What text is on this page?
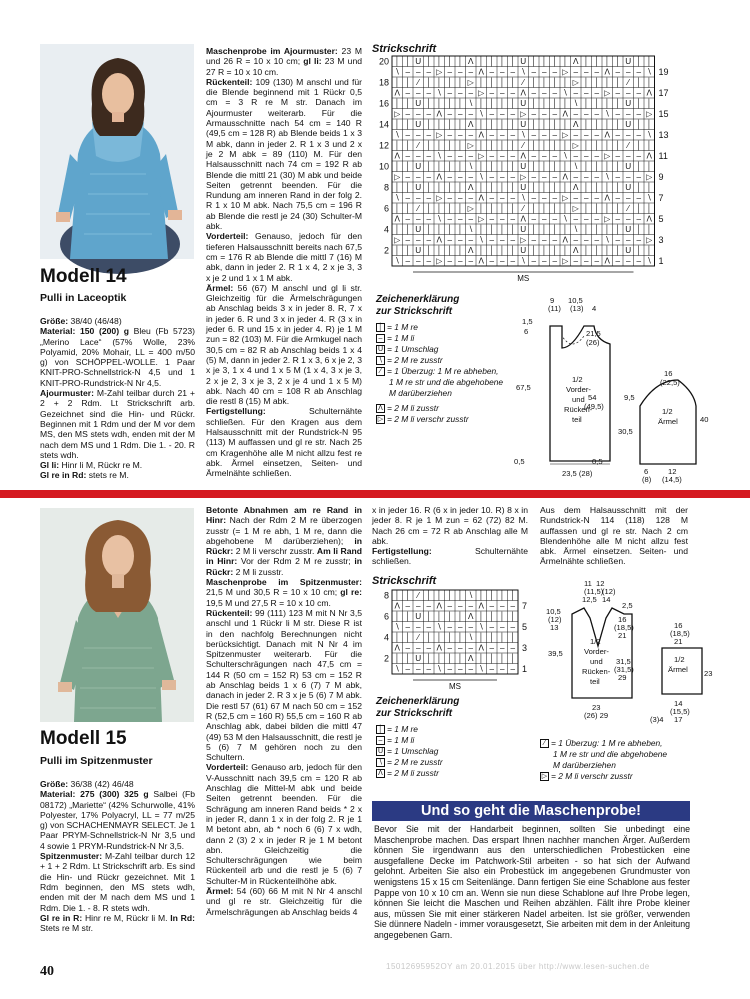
Modell 14
Pulli in Laceoptik
Größe: 38/40 (46/48)
Material: 150 (200) g Bleu (Fb 5723) „Merino Lace“ (57% Wolle, 23% Polyamid, 20% Mohair, LL = 400 m/50 g) von SCHÖPPEL-WOLLE. 1 Paar KNIT-PRO-Schnellstrick-N 4,5 und 1 KNIT-PRO-Rundstrick-N Nr 4,5.
Ajourmuster: M-Zahl teilbar durch 21 + 2 + 2 Rdm. Lt Strickschrift arb. Gezeichnet sind die Hin- und Rückr. Beginnen mit 1 Rdm und der M vor dem MS, den MS stets wdh, enden mit der M nach dem MS und 1 Rdm. Die 1. - 20. R stets wdh.
Gl li: Hinr li M, Rückr re M.
Gl re in Rd: stets re M.
Maschenprobe im Ajourmuster: 23 M und 26 R = 10 x 10 cm; gl li: 23 M und 27 R = 10 x 10 cm.
Rückenteil: 109 (130) M anschl und für die Blende beginnend mit 1 Rückr 0,5 cm = 3 R re M str. Danach im Ajourmuster weiterarb. Für die Armausschnitte nach 54 cm = 140 R (49,5 cm = 128 R) ab Blende beids 1 x 3 M abk, dann in jeder 2. R 1 x 3 und 2 x je 2 M abk = 89 (110) M. Für den Halsausschnitt nach 74 cm = 192 R ab Blende die mittl 21 (30) M abk und beide Seiten getrennt beenden. Für die Rundung am inneren Rand in der folg 2. R 1 x 10 M abk. Nach 75,5 cm = 196 R ab Blende die restl je 24 (30) Schulter-M abk.
Vorderteil: Genauso, jedoch für den tieferen Halsausschnitt bereits nach 67,5 cm = 176 R ab Blende die mittl 7 (16) M abk, dann in jeder 2. R 1 x 4, 2 x je 3, 3 x je 2 und 1 x 1 M abk.
Ärmel: 56 (67) M anschl und gl li str. Gleichzeitig für die Ärmelschrägungen ab Anschlag beids 3 x in jeder 8. R, 7 x in jeder 6. R und 3 x in jeder 4. R (3 x in jeder 6. R und 15 x in jeder 4. R) je 1 M zun = 82 (103) M. Für die Armkugel nach 30,5 cm = 82 R ab Anschlag beids 1 x 4 (5) M, dann in jeder 2. R 1 x 3, 6 x je 2, 3 x je 3, 1 x 4 und 1 x 5 M (1 x 4, 3 x je 3, 2 x je 2, 3 x je 3, 2 x je 4 und 1 x 5 M) abk. Nach 40 cm = 108 R ab Anschlag die restl 8 (15) M abk.
Fertigstellung: Schulternähte schließen. Für den Kragen aus dem Halsausschnitt mit der Rundstrick-N 95 (113) M auffassen und gl re str. Nach 25 cm Kragenhöhe alle M nicht allzu fest re abk. Ärmel einsetzen, Seiten- und Ärmelnähte schließen.
Strickschrift
│ │ U │ │ │ │ Λ │ │ │ │ U │ │ │ │ Λ │ │ │ │ U │ │
∖ – – – ▷ – – – Λ – – – ∖ – – – ▷ – – – Λ – – – ∖
│ │ ⁄ │ │ │ │ ▷ │ │ │ │ ⁄ │ │ │ │ ▷ │ │ │ │ ⁄ │ │
Λ – – – ∖ – – – ▷ – – – Λ – – – ∖ – – – ▷ – – – Λ
│ │ U │ │ │ │ ∖ │ │ │ │ U │ │ │ │ ∖ │ │ │ │ U │ │
▷ – – – Λ – – – ∖ – – – ▷ – – – Λ – – – ∖ – – – ▷
│ │ U │ │ │ │ Λ │ │ │ │ U │ │ │ │ Λ │ │ │ │ U │ │
∖ – – – ▷ – – – Λ – – – ∖ – – – ▷ – – – Λ – – – ∖
│ │ ⁄ │ │ │ │ ▷ │ │ │ │ ⁄ │ │ │ │ ▷ │ │ │ │ ⁄ │ │
Λ – – – ∖ – – – ▷ – – – Λ – – – ∖ – – – ▷ – – – Λ
│ │ U │ │ │ │ ∖ │ │ │ │ U │ │ │ │ ∖ │ │ │ │ U │ │
▷ – – – Λ – – – ∖ – – – ▷ – – – Λ – – – ∖ – – – ▷
│ │ U │ │ │ │ Λ │ │ │ │ U │ │ │ │ Λ │ │ │ │ U │ │
∖ – – – ▷ – – – Λ – – – ∖ – – – ▷ – – – Λ – – – ∖
│ │ ⁄ │ │ │ │ ▷ │ │ │ │ ⁄ │ │ │ │ ▷ │ │ │ │ ⁄ │ │
Λ – – – ∖ – – – ▷ – – – Λ – – – ∖ – – – ▷ – – – Λ
│ │ U │ │ │ │ ∖ │ │ │ │ U │ │ │ │ ∖ │ │ │ │ U │ │
▷ – – – Λ – – – ∖ – – – ▷ – – – Λ – – – ∖ – – – ▷
│ │ U │ │ │ │ Λ │ │ │ │ U │ │ │ │ Λ │ │ │ │ U │ │
∖ – – – ▷ – – – Λ – – – ∖ – – – ▷ – – – Λ – – – ∖
20
18
16
14
12
10
8
6
4
2
19
17
15
13
11
9
7
5
3
1
MS
Zeichenerklärung
zur Strickschrift
│ = 1 M re
– = 1 M li
U = 1 Umschlag
∖ = 2 M re zusstr
⁄ = 1 Überzug: 1 M re abheben,
1 M re str und die abgehobene
M darüberziehen
Λ = 2 M li zusstr
▷ = 2 M li verschr zusstr
1,5
6
9
(11)
10,5
(13) 4
21,5
(26)
67,5
54
(49,5)
0,5	0,5
23,5 (28)
1/2
Vorder-
und
Rücken-
teil
1/2
Ärmel
16
(22,5)
9,5
40
30,5
6
(8)
12
(14,5)
Modell 15
Pulli im Spitzenmuster
Größe: 36/38 (42) 46/48
Material: 275 (300) 325 g Salbei (Fb 08172) „Mariette“ (42% Schurwolle, 41% Polyester, 17% Polyacryl, LL = 77 m/25 g) von SCHACHENMAYR SELECT. Je 1 Paar PRYM-Schnellstrick-N Nr 3,5 und 4 sowie 1 PRYM-Rundstrick-N Nr 3,5.
Spitzenmuster: M-Zahl teilbar durch 12 + 1 + 2 Rdm. Lt Strickschrift arb. Es sind die Hin- und Rückr gezeichnet. Mit 1 Rdm beginnen, den MS stets wdh, enden mit der M nach dem MS und 1 Rdm. Die 1. - 8. R stets wdh.
Gl re in R: Hinr re M, Rückr li M. In Rd: Stets re M str.
Betonte Abnahmen am re Rand in Hinr: Nach der Rdm 2 M re überzogen zusstr (= 1 M re abh, 1 M re, dann die abgehobene M darüberziehen); in Rückr: 2 M li verschr zusstr. Am li Rand in Hinr: Vor der Rdm 2 M re zusstr; in Rückr: 2 M li zusstr.
Maschenprobe im Spitzenmuster: 21,5 M und 30,5 R = 10 x 10 cm; gl re: 19,5 M und 27,5 R = 10 x 10 cm.
Rückenteil: 99 (111) 123 M mit N Nr 3,5 anschl und 1 Rückr li M str. Diese R ist in den nachfolg Berechnungen nicht berücksichtigt. Danach mit N Nr 4 im Spitzenmuster weiterarb. Für die Schulterschrägungen nach 47,5 cm = 144 R (50 cm = 152 R) 53 cm = 152 R ab Anschlag beids 1 x 6 (7) 7 M abk, danach in jeder 2. R 3 x je 5 (6) 7 M abk. Die restl 57 (61) 67 M nach 50 cm = 152 R (52,5 cm = 160 R) 55,5 cm = 160 R ab Anschlag abk, dabei bilden die mittl 47 (49) 53 M den Halsausschnitt, die restl je 5 (6) 7 M gehören noch zu den Schultern.
Vorderteil: Genauso arb, jedoch für den V-Ausschnitt nach 39,5 cm = 120 R ab Anschlag die Mittel-M abk und beide Seiten getrennt beenden. Für die Schrägung am inneren Rand beids * 2 x in jeder R, dann 1 x in der folg 2. R je 1 M betont abn, ab * noch 6 (6) 7 x wdh, dann 2 (3) 2 x in jeder R je 1 M betont abn. Gleichzeitig die Schulterschrägungen wie beim Rückenteil arb und die restl je 5 (6) 7 Schulter-M in Rückenteilhöhe abk.
Ärmel: 54 (60) 66 M mit N Nr 4 anschl und gl re str. Gleichzeitig für die Ärmelschrägungen ab Anschlag beids 4
x in jeder 16. R (6 x in jeder 10. R) 8 x in jeder 8. R je 1 M zun = 62 (72) 82 M. Nach 26 cm = 72 R ab Anschlag alle M abk.
Fertigstellung: Schulternähte schließen.
Aus dem Halsausschnitt mit der Rundstrick-N 114 (118) 128 M auffassen und gl re str. Nach 2 cm Blendenhöhe alle M nicht allzu fest abk. Ärmel einsetzen. Seiten- und Ärmelnähte schließen.
Strickschrift
│ │ ⁄ │ │ │ │ ∖ │ │ │ │
Λ – – – Λ – – – Λ – – –
│ │ U │ │ │ │ Λ │ │ │ │
∖ – – – ∖ – – – ∖ – – –
│ │ ⁄ │ │ │ │ ∖ │ │ │ │
Λ – – – Λ – – – Λ – – –
│ │ U │ │ │ │ Λ │ │ │ │
∖ – – – ∖ – – – ∖ – – –
8
6
4
2
7
5
3
1
MS
11 12
(11,5)
(12)
12,5 14
10,5
(12)
13
2,5
16
(18,5)
21
39,5
31,5
(31,5)
29
23
(26) 29
1/2
Vorder-
und
Rücken-
teil
1/2
Ärmel
16
(18,5)
21
23
14
(15,5)
(3)4 17
Zeichenerklärung
zur Strickschrift
│ = 1 M re
– = 1 M li
U = 1 Umschlag
∖ = 2 M re zusstr
Λ = 2 M li zusstr
⁄ = 1 Überzug: 1 M re abheben,
1 M re str und die abgehobene
M darüberziehen
▷ = 2 M li verschr zusstr
Und so geht die Maschenprobe!
Bevor Sie mit der Handarbeit beginnen, sollten Sie unbedingt eine Maschenprobe machen. Das erspart Ihnen nachher manchen Ärger. Außerdem können Sie irgendwann aus den unterschiedlichen Probestücken eine ausgefallene Decke im Patchwork-Stil arbeiten - so hat sich der Aufwand gelohnt. Arbeiten Sie also ein Probestück im angegebenen Grundmuster von wenigstens 15 x 15 cm Seitenlänge. Dann fertigen Sie eine Schablone aus fester Pappe von 10 x 10 cm an. Wenn sie nun diese Schablone auf Ihre Probe legen, können Sie leicht die Maschen und Reihen abzählen. Fällt ihre Probe kleiner aus, müssen Sie mit einer stärkeren Nadel arbeiten. Ist sie größer, verwenden Sie dünnere Nadeln - immer vorausgesetzt, Sie arbeiten mit dem in der Anleitung angegebenen Garn.
40	15012695952OY am 20.01.2015 über http://www.lesen-suchen.de
